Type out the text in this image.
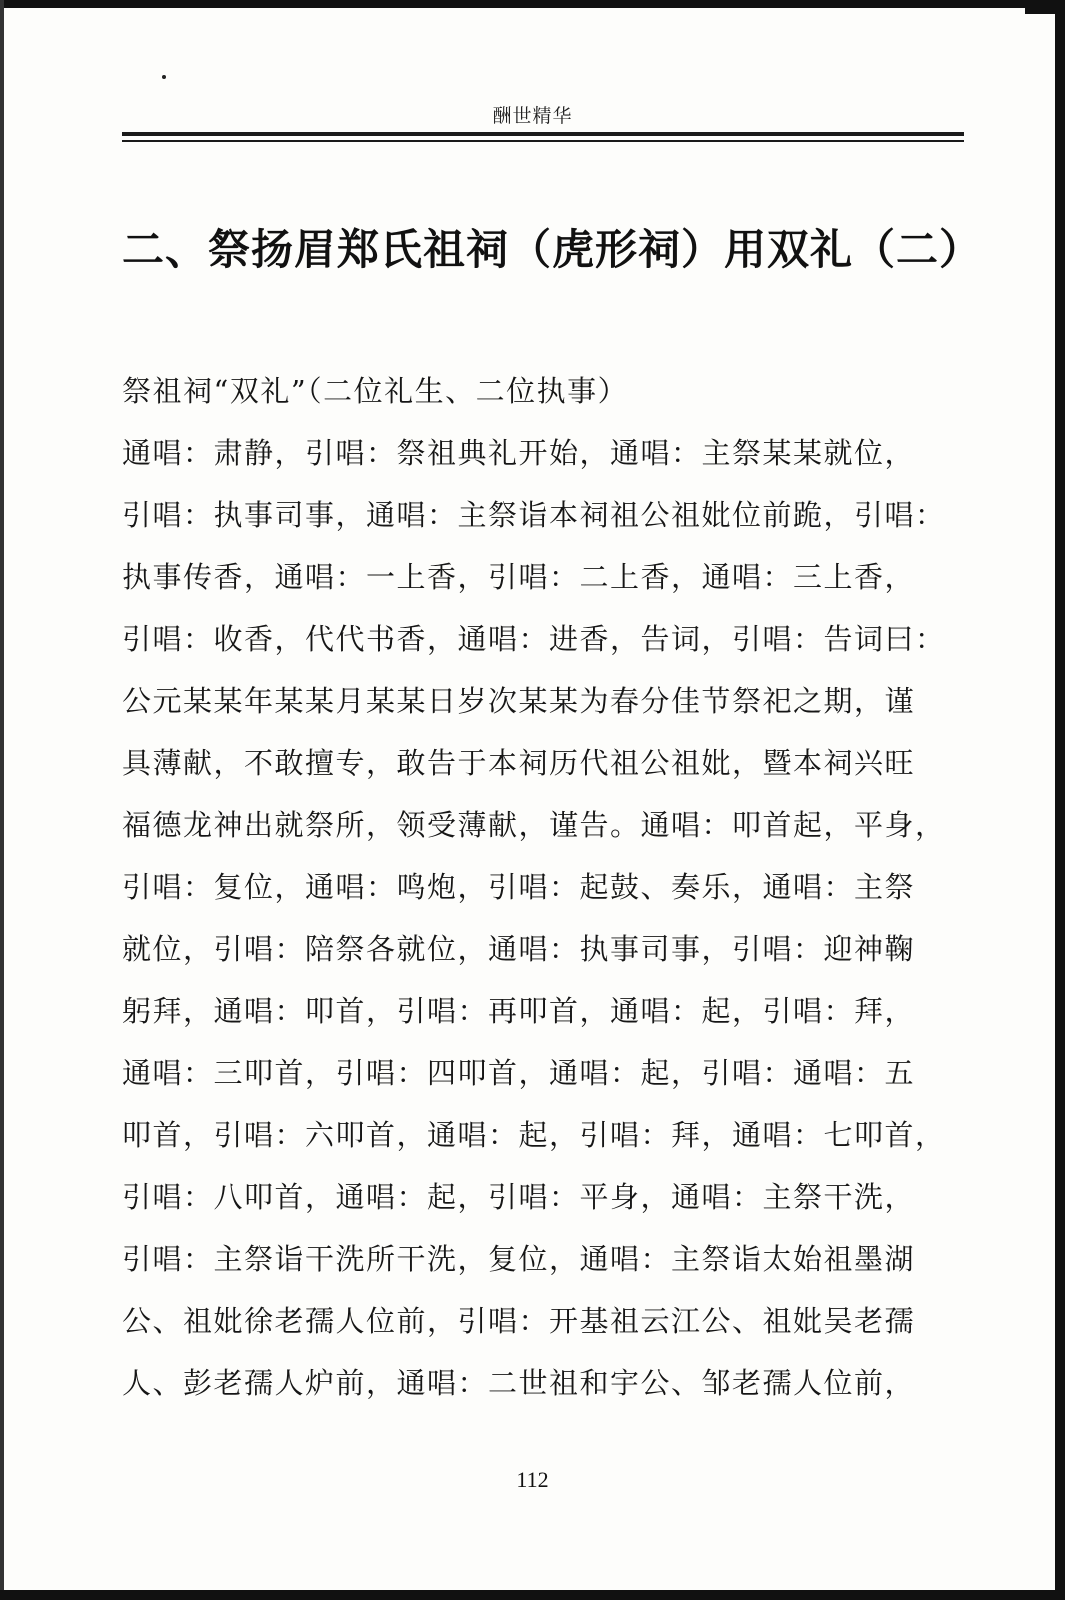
酬世精华
二、祭扬眉郑氏祖祠（虎形祠）用双礼（二）
祭祖祠“双礼”（二位礼生、二位执事）
通唱：肃静，引唱：祭祖典礼开始，通唱：主祭某某就位，
引唱：执事司事，通唱：主祭诣本祠祖公祖妣位前跪，引唱：
执事传香，通唱：一上香，引唱：二上香，通唱：三上香，
引唱：收香，代代书香，通唱：进香，告词，引唱：告词曰：
公元某某年某某月某某日岁次某某为春分佳节祭祀之期，谨
具薄献，不敢擅专，敢告于本祠历代祖公祖妣，暨本祠兴旺
福德龙神出就祭所，领受薄献，谨告。通唱：叩首起，平身，
引唱：复位，通唱：鸣炮，引唱：起鼓、奏乐，通唱：主祭
就位，引唱：陪祭各就位，通唱：执事司事，引唱：迎神鞠
躬拜，通唱：叩首，引唱：再叩首，通唱：起，引唱：拜，
通唱：三叩首，引唱：四叩首，通唱：起，引唱：通唱：五
叩首，引唱：六叩首，通唱：起，引唱：拜，通唱：七叩首，
引唱：八叩首，通唱：起，引唱：平身，通唱：主祭干洗，
引唱：主祭诣干洗所干洗，复位，通唱：主祭诣太始祖墨湖
公、祖妣徐老孺人位前，引唱：开基祖云江公、祖妣吴老孺
人、彭老孺人炉前，通唱：二世祖和宇公、邹老孺人位前，
112
